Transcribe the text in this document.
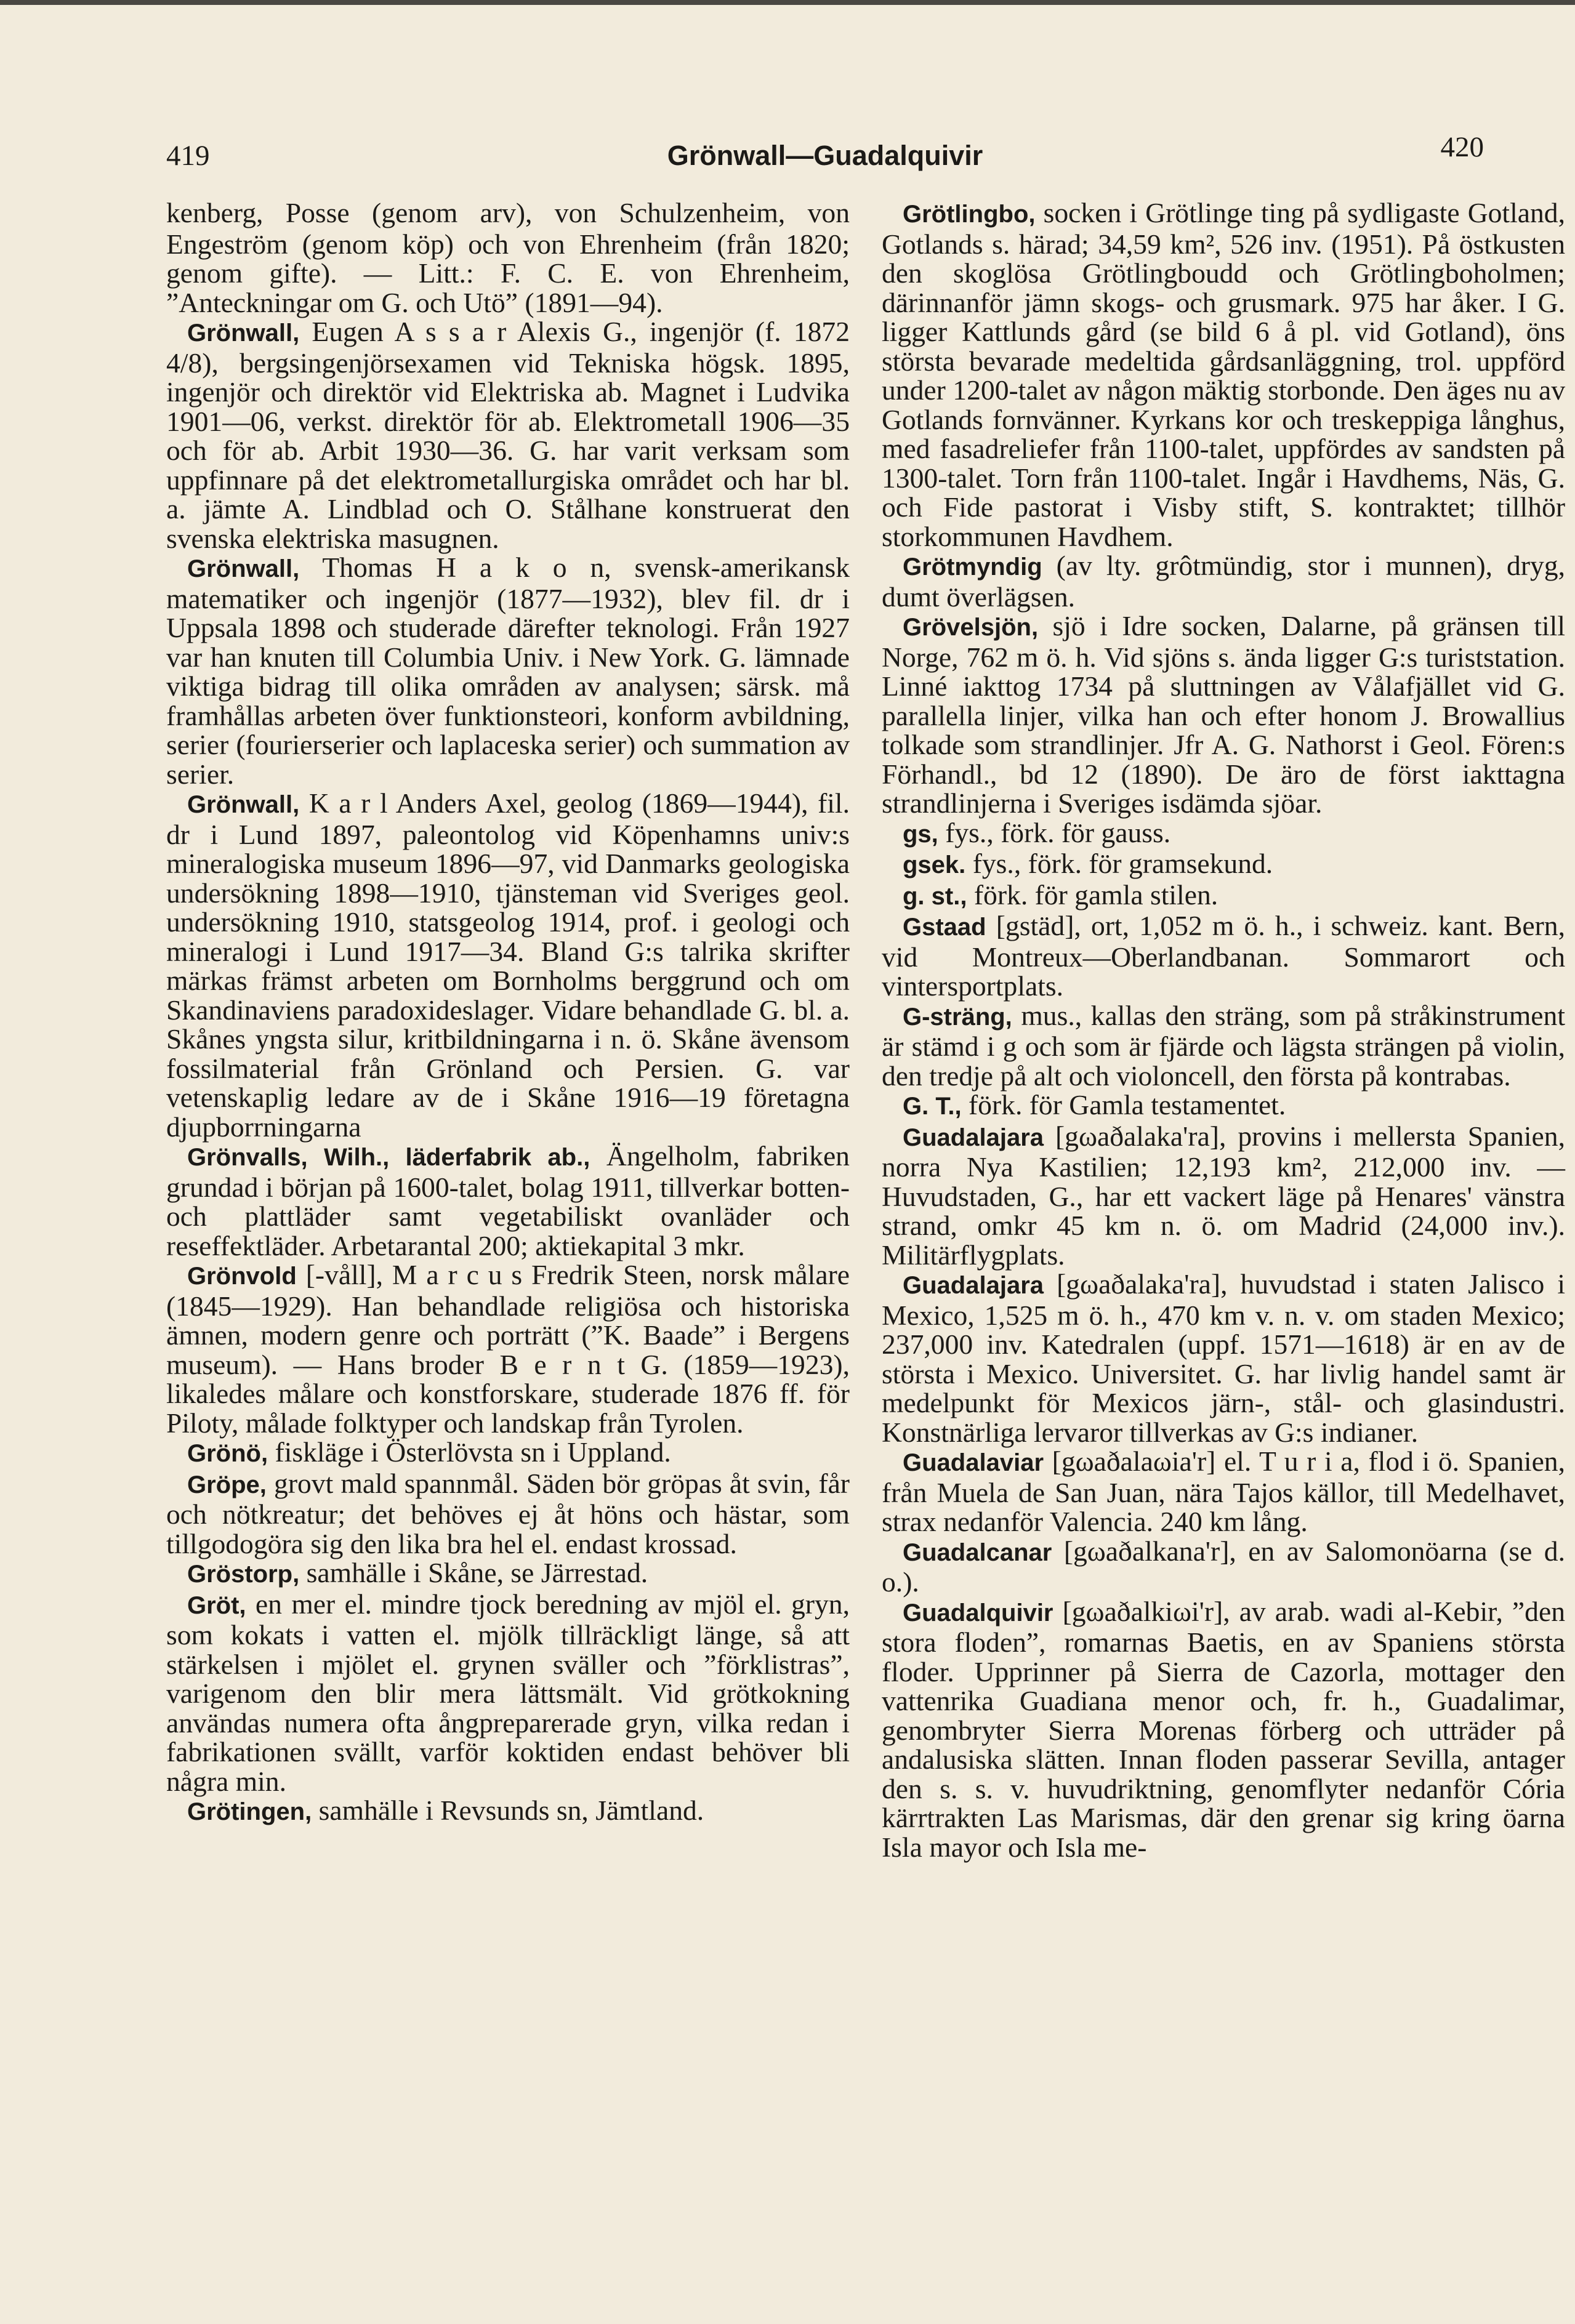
419	Grönwall—Guadalquivir	420

kenberg, Posse (genom arv), von Schulzenheim, von Engeström (genom köp) och von Ehrenheim (från 1820; genom gifte). — Litt.: F. C. E. von Ehrenheim, ”Anteckningar om G. och Utö” (1891—94).

Grönwall, Eugen A s s a r Alexis G., ingenjör (f. 1872 4/8), bergsingenjörsexamen vid Tekniska högsk. 1895, ingenjör och direktör vid Elektriska ab. Magnet i Ludvika 1901—06, verkst. direktör för ab. Elektrometall 1906—35 och för ab. Arbit 1930—36. G. har varit verksam som uppfinnare på det elektrometallurgiska området och har bl. a. jämte A. Lindblad och O. Stålhane konstruerat den svenska elektriska masugnen.

Grönwall, Thomas H a k o n, svensk-amerikansk matematiker och ingenjör (1877—1932), blev fil. dr i Uppsala 1898 och studerade därefter teknologi. Från 1927 var han knuten till Columbia Univ. i New York. G. lämnade viktiga bidrag till olika områden av analysen; särsk. må framhållas arbeten över funktionsteori, konform avbildning, serier (fourierserier och laplaceska serier) och summation av serier.

Grönwall, K a r l Anders Axel, geolog (1869—1944), fil. dr i Lund 1897, paleontolog vid Köpenhamns univ:s mineralogiska museum 1896—97, vid Danmarks geologiska undersökning 1898—1910, tjänsteman vid Sveriges geol. undersökning 1910, statsgeolog 1914, prof. i geologi och mineralogi i Lund 1917—34. Bland G:s talrika skrifter märkas främst arbeten om Bornholms berggrund och om Skandinaviens paradoxideslager. Vidare behandlade G. bl. a. Skånes yngsta silur, kritbildningarna i n. ö. Skåne ävensom fossilmaterial från Grönland och Persien. G. var vetenskaplig ledare av de i Skåne 1916—19 företagna djupborrningarna

Grönvalls, Wilh., läderfabrik ab., Ängelholm, fabriken grundad i början på 1600-talet, bolag 1911, tillverkar botten- och plattläder samt vegetabiliskt ovanläder och reseffektläder. Arbetarantal 200; aktiekapital 3 mkr.

Grönvold [-våll], M a r c u s Fredrik Steen, norsk målare (1845—1929). Han behandlade religiösa och historiska ämnen, modern genre och porträtt (”K. Baade” i Bergens museum). — Hans broder B e r n t G. (1859—1923), likaledes målare och konstforskare, studerade 1876 ff. för Piloty, målade folktyper och landskap från Tyrolen.

Grönö, fiskläge i Österlövsta sn i Uppland.

Gröpe, grovt mald spannmål. Säden bör gröpas åt svin, får och nötkreatur; det behöves ej åt höns och hästar, som tillgodogöra sig den lika bra hel el. endast krossad.

Gröstorp, samhälle i Skåne, se Järrestad.

Gröt, en mer el. mindre tjock beredning av mjöl el. gryn, som kokats i vatten el. mjölk tillräckligt länge, så att stärkelsen i mjölet el. grynen sväller och ”förklistras”, varigenom den blir mera lättsmält. Vid grötkokning användas numera ofta ångpreparerade gryn, vilka redan i fabrikationen svällt, varför koktiden endast behöver bli några min.

Grötingen, samhälle i Revsunds sn, Jämtland.

Grötlingbo, socken i Grötlinge ting på sydligaste Gotland, Gotlands s. härad; 34,59 km², 526 inv. (1951). På östkusten den skoglösa Grötlingboudd och Grötlingboholmen; därinnanför jämn skogs- och grusmark. 975 har åker. I G. ligger Kattlunds gård (se bild 6 å pl. vid Gotland), öns största bevarade medeltida gårdsanläggning, trol. uppförd under 1200-talet av någon mäktig storbonde. Den äges nu av Gotlands fornvänner. Kyrkans kor och treskeppiga långhus, med fasadreliefer från 1100-talet, uppfördes av sandsten på 1300-talet. Torn från 1100-talet. Ingår i Havdhems, Näs, G. och Fide pastorat i Visby stift, S. kontraktet; tillhör storkommunen Havdhem.

Grötmyndig (av lty. grôtmündig, stor i munnen), dryg, dumt överlägsen.

Grövelsjön, sjö i Idre socken, Dalarne, på gränsen till Norge, 762 m ö. h. Vid sjöns s. ända ligger G:s turiststation. Linné iakttog 1734 på sluttningen av Vålafjället vid G. parallella linjer, vilka han och efter honom J. Browallius tolkade som strandlinjer. Jfr A. G. Nathorst i Geol. Fören:s Förhandl., bd 12 (1890). De äro de först iakttagna strandlinjerna i Sveriges isdämda sjöar.

gs, fys., förk. för gauss.

gsek. fys., förk. för gramsekund.

g. st., förk. för gamla stilen.

Gstaad [gstäd], ort, 1,052 m ö. h., i schweiz. kant. Bern, vid Montreux—Oberlandbanan. Sommarort och vintersportplats.

G-sträng, mus., kallas den sträng, som på stråkinstrument är stämd i g och som är fjärde och lägsta strängen på violin, den tredje på alt och violoncell, den första på kontrabas.

G. T., förk. för Gamla testamentet.

Guadalajara [gωaðalaka'ra], provins i mellersta Spanien, norra Nya Kastilien; 12,193 km², 212,000 inv. — Huvudstaden, G., har ett vackert läge på Henares' vänstra strand, omkr 45 km n. ö. om Madrid (24,000 inv.). Militärflygplats.

Guadalajara [gωaðalaka'ra], huvudstad i staten Jalisco i Mexico, 1,525 m ö. h., 470 km v. n. v. om staden Mexico; 237,000 inv. Katedralen (uppf. 1571—1618) är en av de största i Mexico. Universitet. G. har livlig handel samt är medelpunkt för Mexicos järn-, stål- och glasindustri. Konstnärliga lervaror tillverkas av G:s indianer.

Guadalaviar [gωaðalaωia'r] el. T u r i a, flod i ö. Spanien, från Muela de San Juan, nära Tajos källor, till Medelhavet, strax nedanför Valencia. 240 km lång.

Guadalcanar [gωaðalkana'r], en av Salomonöarna (se d. o.).

Guadalquivir [gωaðalkiωi'r], av arab. wadi al-Kebir, ”den stora floden”, romarnas Baetis, en av Spaniens största floder. Upprinner på Sierra de Cazorla, mottager den vattenrika Guadiana menor och, fr. h., Guadalimar, genombryter Sierra Morenas förberg och utträder på andalusiska slätten. Innan floden passerar Sevilla, antager den s. s. v. huvudriktning, genomflyter nedanför Cória kärrtrakten Las Marismas, där den grenar sig kring öarna Isla mayor och Isla me-
